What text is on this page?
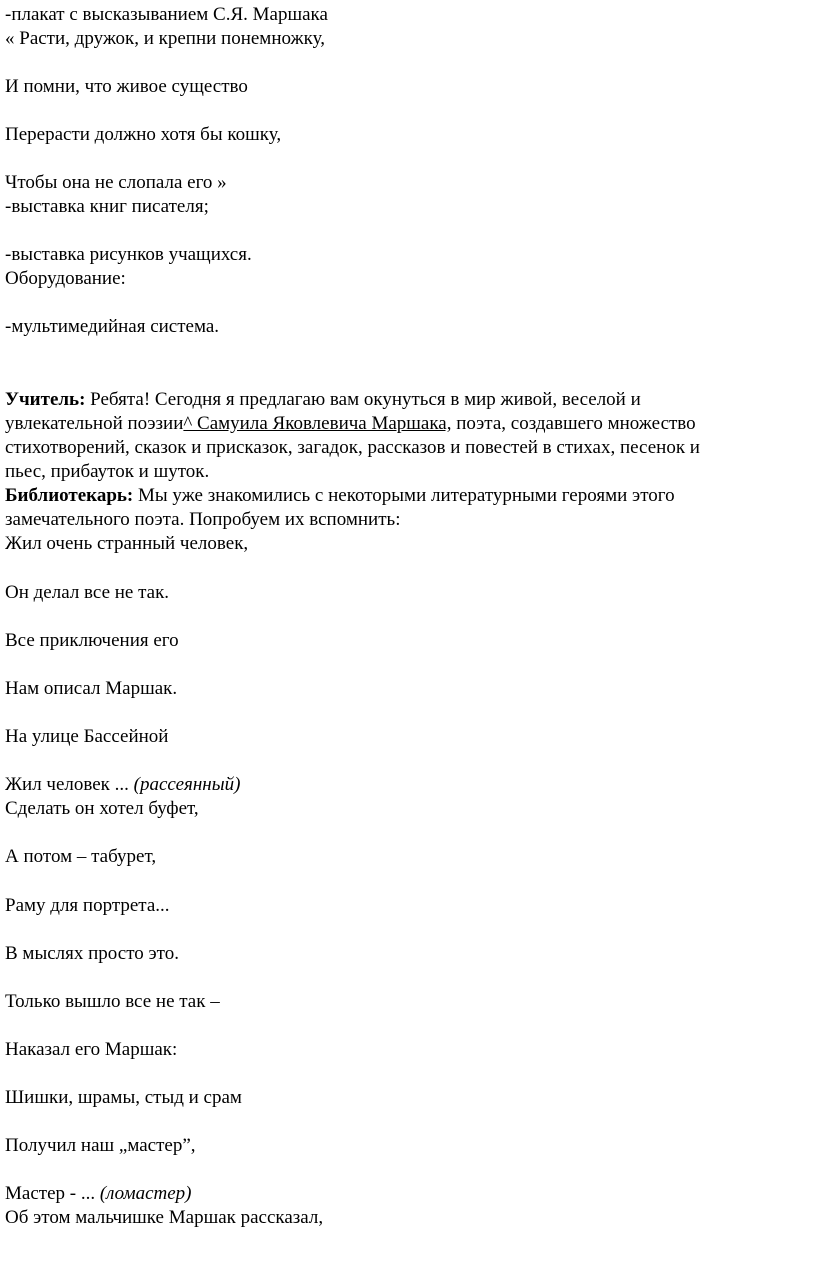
-плакат с высказыванием С.Я. Маршака
« Расти, дружок, и крепни понемножку,
И помни, что живое существо
Перерасти должно хотя бы кошку,
Чтобы она не слопала его »
-выставка книг писателя;
-выставка рисунков учащихся.
Оборудование:
-мультимедийная система.
Учитель: Ребята! Сегодня я предлагаю вам окунуться в мир живой, веселой и
увлекательной поэзии^ Самуила Яковлевича Маршака, поэта, создавшего множество
стихотворений, сказок и присказок, загадок, рассказов и повестей в стихах, песенок и
пьес, прибауток и шуток.
Библиотекарь: Мы уже знакомились с некоторыми литературными героями этого
замечательного поэта. Попробуем их вспомнить:
Жил очень странный человек,
Он делал все не так.
Все приключения его
Нам описал Маршак.
На улице Бассейной
Жил человек ... (рассеянный)
Сделать он хотел буфет,
А потом – табурет,
Раму для портрета...
В мыслях просто это.
Только вышло все не так –
Наказал его Маршак:
Шишки, шрамы, стыд и срам
Получил наш „мастер”,
Мастер - ... (ломастер)
Об этом мальчишке Маршак рассказал,
